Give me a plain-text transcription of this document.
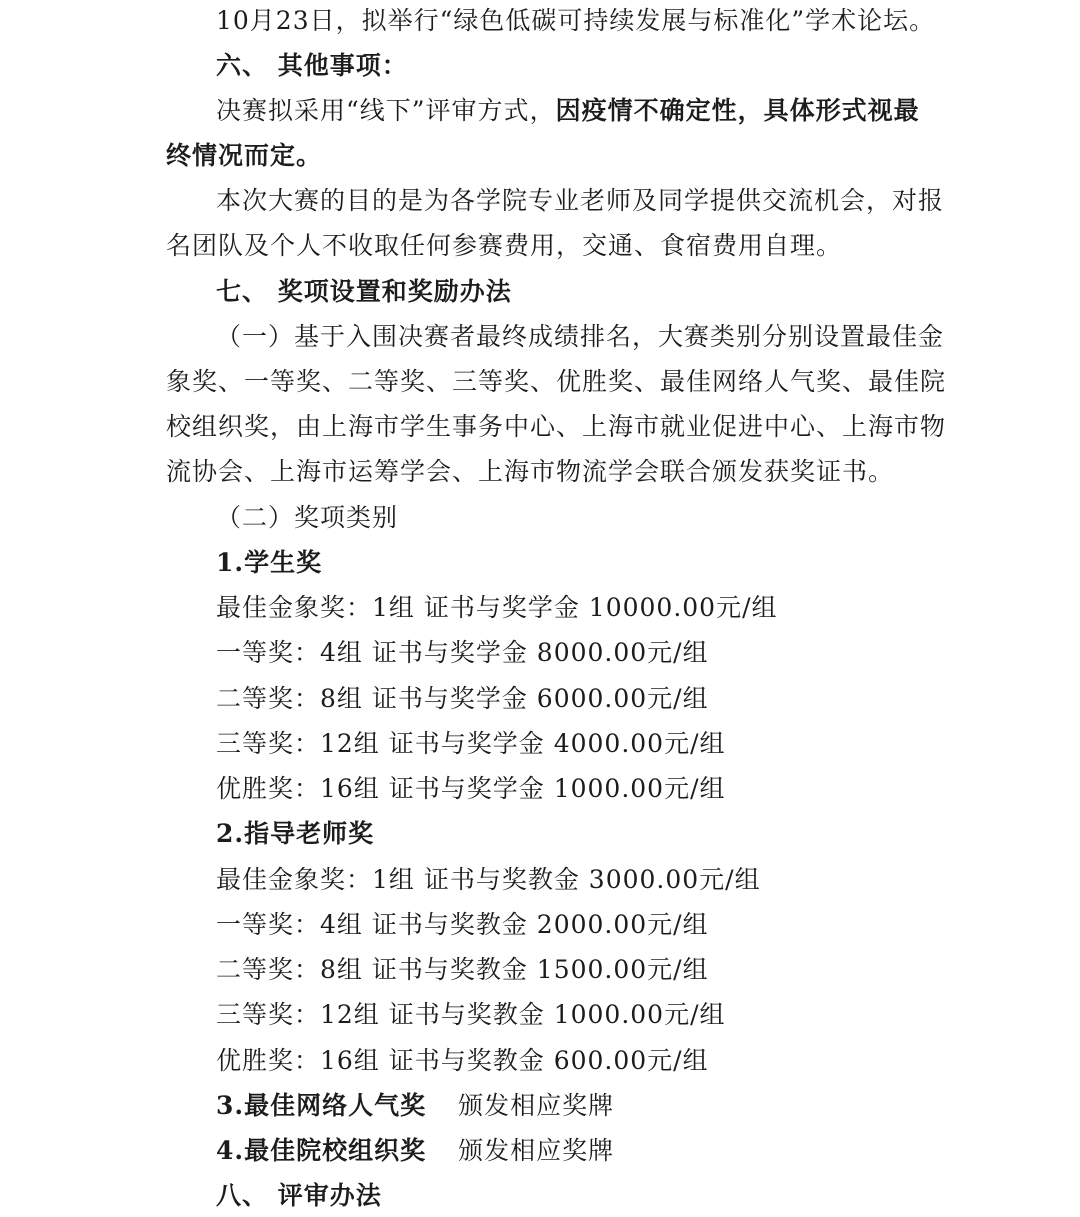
10月23日，拟举行“绿色低碳可持续发展与标准化”学术论坛。
六、 其他事项：
决赛拟采用“线下”评审方式，因疫情不确定性，具体形式视最
终情况而定。
本次大赛的目的是为各学院专业老师及同学提供交流机会，对报
名团队及个人不收取任何参赛费用，交通、食宿费用自理。
七、 奖项设置和奖励办法
（一）基于入围决赛者最终成绩排名，大赛类别分别设置最佳金
象奖、一等奖、二等奖、三等奖、优胜奖、最佳网络人气奖、最佳院
校组织奖，由上海市学生事务中心、上海市就业促进中心、上海市物
流协会、上海市运筹学会、上海市物流学会联合颁发获奖证书。
（二）奖项类别
1.学生奖
最佳金象奖：1组 证书与奖学金 10000.00元/组
一等奖：4组 证书与奖学金 8000.00元/组
二等奖：8组 证书与奖学金 6000.00元/组
三等奖：12组 证书与奖学金 4000.00元/组
优胜奖：16组 证书与奖学金 1000.00元/组
2.指导老师奖
最佳金象奖：1组 证书与奖教金 3000.00元/组
一等奖：4组 证书与奖教金 2000.00元/组
二等奖：8组 证书与奖教金 1500.00元/组
三等奖：12组 证书与奖教金 1000.00元/组
优胜奖：16组 证书与奖教金 600.00元/组
3.最佳网络人气奖 颁发相应奖牌
4.最佳院校组织奖 颁发相应奖牌
八、 评审办法
